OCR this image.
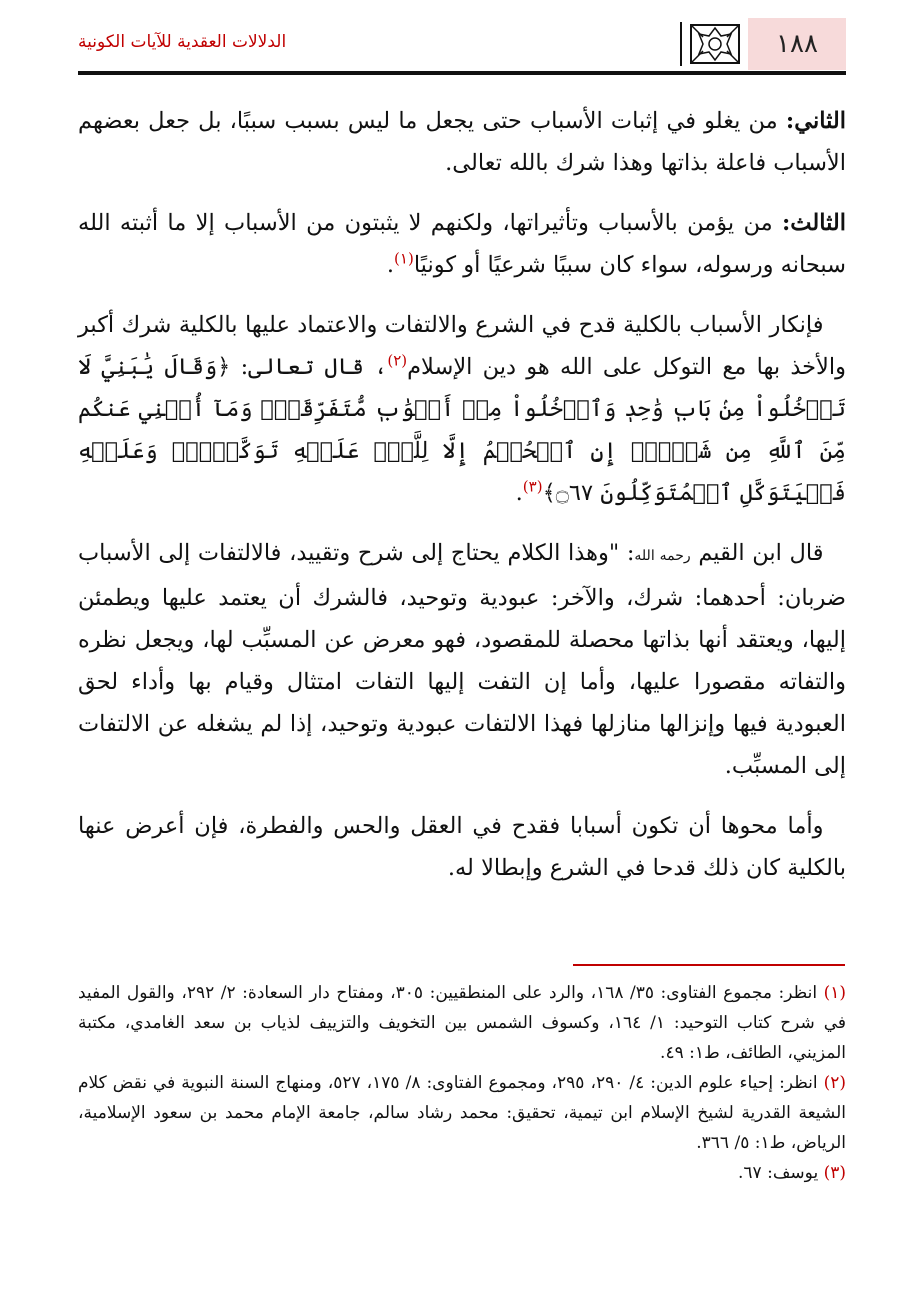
١٨٨
الدلالات العقدية للآيات الكونية

الثاني: من يغلو في إثبات الأسباب حتى يجعل ما ليس بسبب سببًا، بل جعل بعضهم الأسباب فاعلة بذاتها وهذا شرك بالله تعالى.

الثالث: من يؤمن بالأسباب وتأثيراتها، ولكنهم لا يثبتون من الأسباب إلا ما أثبته الله سبحانه ورسوله، سواء كان سببًا شرعيًا أو كونيًا$^{(١)}$.

 فإنكار الأسباب بالكلية قدح في الشرع والالتفات والاعتماد عليها بالكلية شرك أكبر والأخذ بها مع التوكل على الله هو دين الإسلام$^{(٢)}$، قال تعالى: ﴿وَقَالَ يَٰبَنِيَّ لَا تَدۡخُلُواْ مِنۢ بَابٖ وَٰحِدٖ وَٱدۡخُلُواْ مِنۡ أَبۡوَٰبٖ مُّتَفَرِّقَةٖۖ وَمَآ أُغۡنِي عَنكُم مِّنَ ٱللَّهِ مِن شَيۡءٍۖ إِنِ ٱلۡحُكۡمُ إِلَّا لِلَّهِۖ عَلَيۡهِ تَوَكَّلۡتُۖ وَعَلَيۡهِ فَلۡيَتَوَكَّلِ ٱلۡمُتَوَكِّلُونَ ۝٦٧﴾$^{(٣)}$.

 قال ابن القيم رحمه الله: "وهذا الكلام يحتاج إلى شرح وتقييد، فالالتفات إلى الأسباب ضربان: أحدهما: شرك، والآخر: عبودية وتوحيد، فالشرك أن يعتمد عليها ويطمئن إليها، ويعتقد أنها بذاتها محصلة للمقصود، فهو معرض عن المسبِّب لها، ويجعل نظره والتفاته مقصورا عليها، وأما إن التفت إليها التفات امتثال وقيام بها وأداء لحق العبودية فيها وإنزالها منازلها فهذا الالتفات عبودية وتوحيد، إذا لم يشغله عن الالتفات إلى المسبِّب.

 وأما محوها أن تكون أسبابا فقدح في العقل والحس والفطرة، فإن أعرض عنها بالكلية كان ذلك قدحا في الشرع وإبطالا له.

(١) انظر: مجموع الفتاوى: ٣٥/ ١٦٨، والرد على المنطقيين: ٣٠٥، ومفتاح دار السعادة: ٢/ ٢٩٢، والقول المفيد في شرح كتاب التوحيد: ١/ ١٦٤، وكسوف الشمس بين التخويف والتزييف لذياب بن سعد الغامدي، مكتبة المزيني، الطائف، ط١: ٤٩.

(٢) انظر: إحياء علوم الدين: ٤/ ٢٩٠، ٢٩٥، ومجموع الفتاوى: ٨/ ١٧٥، ٥٢٧، ومنهاج السنة النبوية في نقض كلام الشيعة القدرية لشيخ الإسلام ابن تيمية، تحقيق: محمد رشاد سالم، جامعة الإمام محمد بن سعود الإسلامية، الرياض، ط١: ٥/ ٣٦٦.

(٣) يوسف: ٦٧.
